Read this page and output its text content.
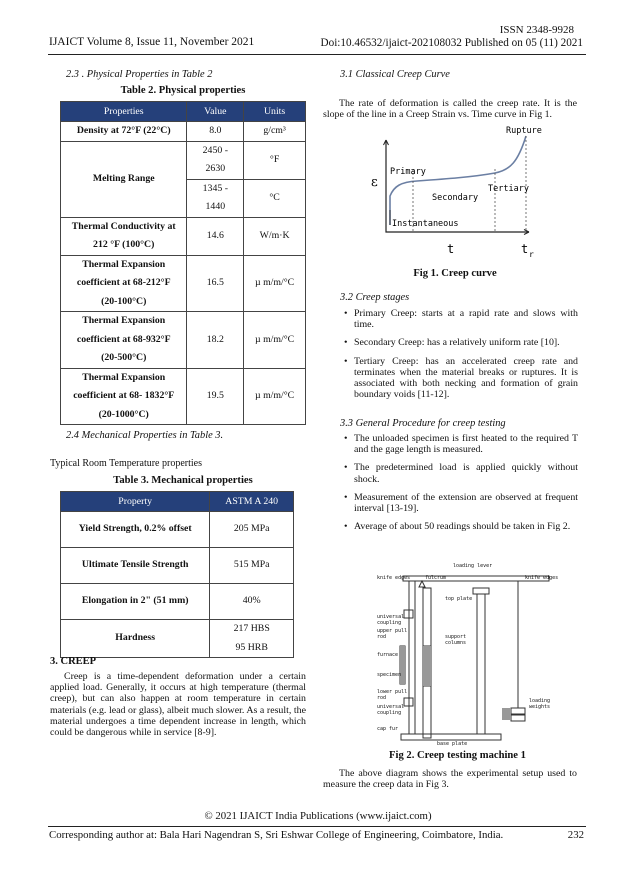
IJAICT Volume 8, Issue 11, November 2021
ISSN 2348-9928
Doi:10.46532/ijaict-202108032 Published on 05 (11) 2021
2.3 . Physical Properties in Table 2
Table 2. Physical properties
Properties	Value	Units
Density at 72°F (22°C)	8.0	g/cm³
Melting Range	2450 -
2630	°F
	1345 -
1440	°C
Thermal Conductivity at
212 °F (100°C)	14.6	W/m·K
Thermal Expansion
coefficient at 68-212°F
(20-100°C)	16.5	µ m/m/°C
Thermal Expansion
coefficient at 68-932°F
(20-500°C)	18.2	µ m/m/°C
Thermal Expansion
coefficient at 68- 1832°F
(20-1000°C)	19.5	µ m/m/°C
2.4 Mechanical Properties in Table 3.
Typical Room Temperature properties
Table 3. Mechanical properties
Property	ASTM A 240
Yield Strength, 0.2% offset	205 MPa
Ultimate Tensile Strength	515 MPa
Elongation in 2" (51 mm)	40%
Hardness	217 HBS
95 HRB
3. CREEP
Creep is a time-dependent deformation under a certain applied load. Generally, it occurs at high temperature (thermal creep), but can also happen at room temperature in certain materials (e.g. lead or glass), albeit much slower. As a result, the material undergoes a time dependent increase in length, which could be dangerous while in service [8-9].
3.1 Classical Creep Curve
The rate of deformation is called the creep rate. It is the slope of the line in a Creep Strain vs. Time curve in Fig 1.
Rupture
Primary
Secondary
Tertiary
Instantaneous
ε
t	t r
Fig 1. Creep curve
3.2 Creep stages
• Primary Creep: starts at a rapid rate and slows with time.
• Secondary Creep: has a relatively uniform rate [10].
• Tertiary Creep: has an accelerated creep rate and terminates when the material breaks or ruptures. It is associated with both necking and formation of grain boundary voids [11-12].
3.3 General Procedure for creep testing
• The unloaded specimen is first heated to the required T and the gage length is measured.
• The predetermined load is applied quickly without shock.
• Measurement of the extension are observed at frequent interval [13-19].
• Average of about 50 readings should be taken in Fig 2.
loading lever
knife edges	fulcrum	knife edges
top plate
universal
coupling
upper pull
rod	support
columns
furnace
specimen
lower pull
rod
universal
coupling
loading
weights
cap fur
base plate
Fig 2. Creep testing machine 1
The above diagram shows the experimental setup used to measure the creep data in Fig 3.
© 2021 IJAICT India Publications (www.ijaict.com)
Corresponding author at: Bala Hari Nagendran S, Sri Eshwar College of Engineering, Coimbatore, India.	232
